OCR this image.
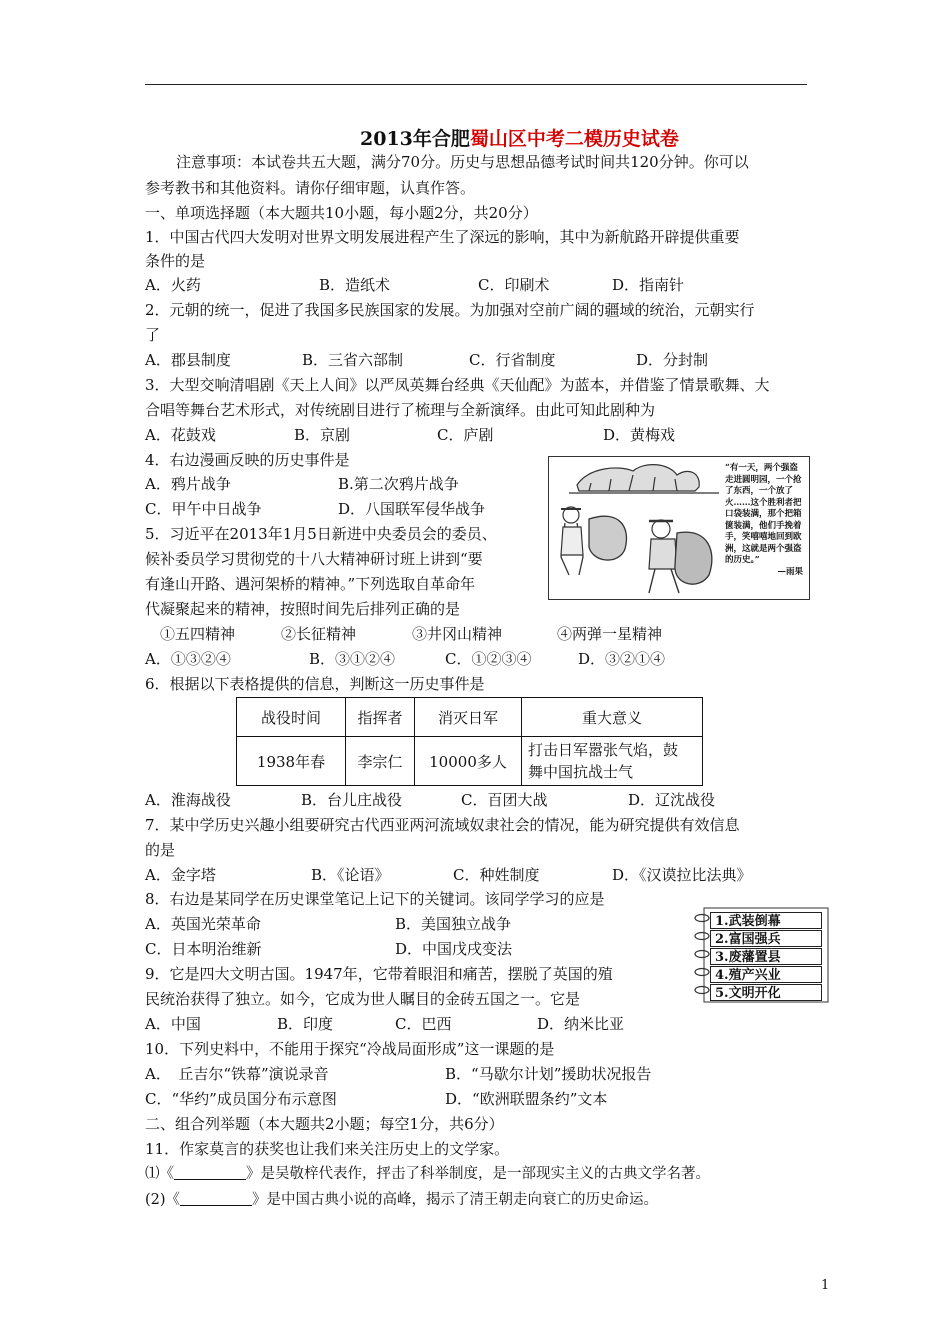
2013年合肥蜀山区中考二模历史试卷
注意事项：本试卷共五大题，满分70分。历史与思想品德考试时间共120分钟。你可以
参考教书和其他资料。请你仔细审题，认真作答。
一、单项选择题（本大题共10小题，每小题2分，共20分）
1．中国古代四大发明对世界文明发展进程产生了深远的影响，其中为新航路开辟提供重要
条件的是
A．火药	B．造纸术	C．印刷术	D．指南针
2．元朝的统一，促进了我国多民族国家的发展。为加强对空前广阔的疆域的统治，元朝实行
了
A．郡县制度	B．三省六部制	C．行省制度	D．分封制
3．大型交响清唱剧《天上人间》以严凤英舞台经典《天仙配》为蓝本，并借鉴了情景歌舞、大
合唱等舞台艺术形式，对传统剧目进行了梳理与全新演绎。由此可知此剧种为
A．花鼓戏	B．京剧	C．庐剧	D．黄梅戏
4．右边漫画反映的历史事件是
A．鸦片战争	B.第二次鸦片战争
C．甲午中日战争	D．八国联军侵华战争
“有一天，两个强盗走进圆明园，一个抢了东西，一个放了火……这个胜利者把口袋装满，那个把箱箧装满，他们手挽着手，笑嘻嘻地回到欧洲，这就是两个强盗的历史。”
—雨果
5．习近平在2013年1月5日新进中央委员会的委员、
候补委员学习贯彻党的十八大精神研讨班上讲到“要
有逢山开路、遇河架桥的精神。”下列选取自革命年
代凝聚起来的精神，按照时间先后排列正确的是
①五四精神	②长征精神	③井冈山精神	④两弹一星精神
A．①③②④	B．③①②④	C．①②③④	D．③②①④
6．根据以下表格提供的信息，判断这一历史事件是
战役时间	指挥者	消灭日军	重大意义
1938年春	李宗仁	10000多人	打击日军嚣张气焰，鼓
舞中国抗战士气
A．淮海战役	B．台儿庄战役	C．百团大战	D．辽沈战役
7．某中学历史兴趣小组要研究古代西亚两河流域奴隶社会的情况，能为研究提供有效信息
的是
A．金字塔	B．《论语》	C．种姓制度	D．《汉谟拉比法典》
8．右边是某同学在历史课堂笔记上记下的关键词。该同学学习的应是
A．英国光荣革命	B．美国独立战争
C．日本明治维新	D．中国戊戌变法
1.武装倒幕
2.富国强兵
3.废藩置县
4.殖产兴业
5.文明开化
9．它是四大文明古国。1947年，它带着眼泪和痛苦，摆脱了英国的殖
民统治获得了独立。如今，它成为世人瞩目的金砖五国之一。它是
A．中国	B．印度	C．巴西	D．纳米比亚
10．下列史料中，不能用于探究“冷战局面形成”这一课题的是
A．　丘吉尔“铁幕”演说录音	B．“马歇尔计划”援助状况报告
C．“华约”成员国分布示意图	D．“欧洲联盟条约”文本
二、组合列举题（本大题共2小题；每空1分，共6分）
11．作家莫言的获奖也让我们来关注历史上的文学家。
⑴《	》是吴敬梓代表作，抨击了科举制度，是一部现实主义的古典文学名著。
(2)《	》是中国古典小说的高峰，揭示了清王朝走向衰亡的历史命运。
1
